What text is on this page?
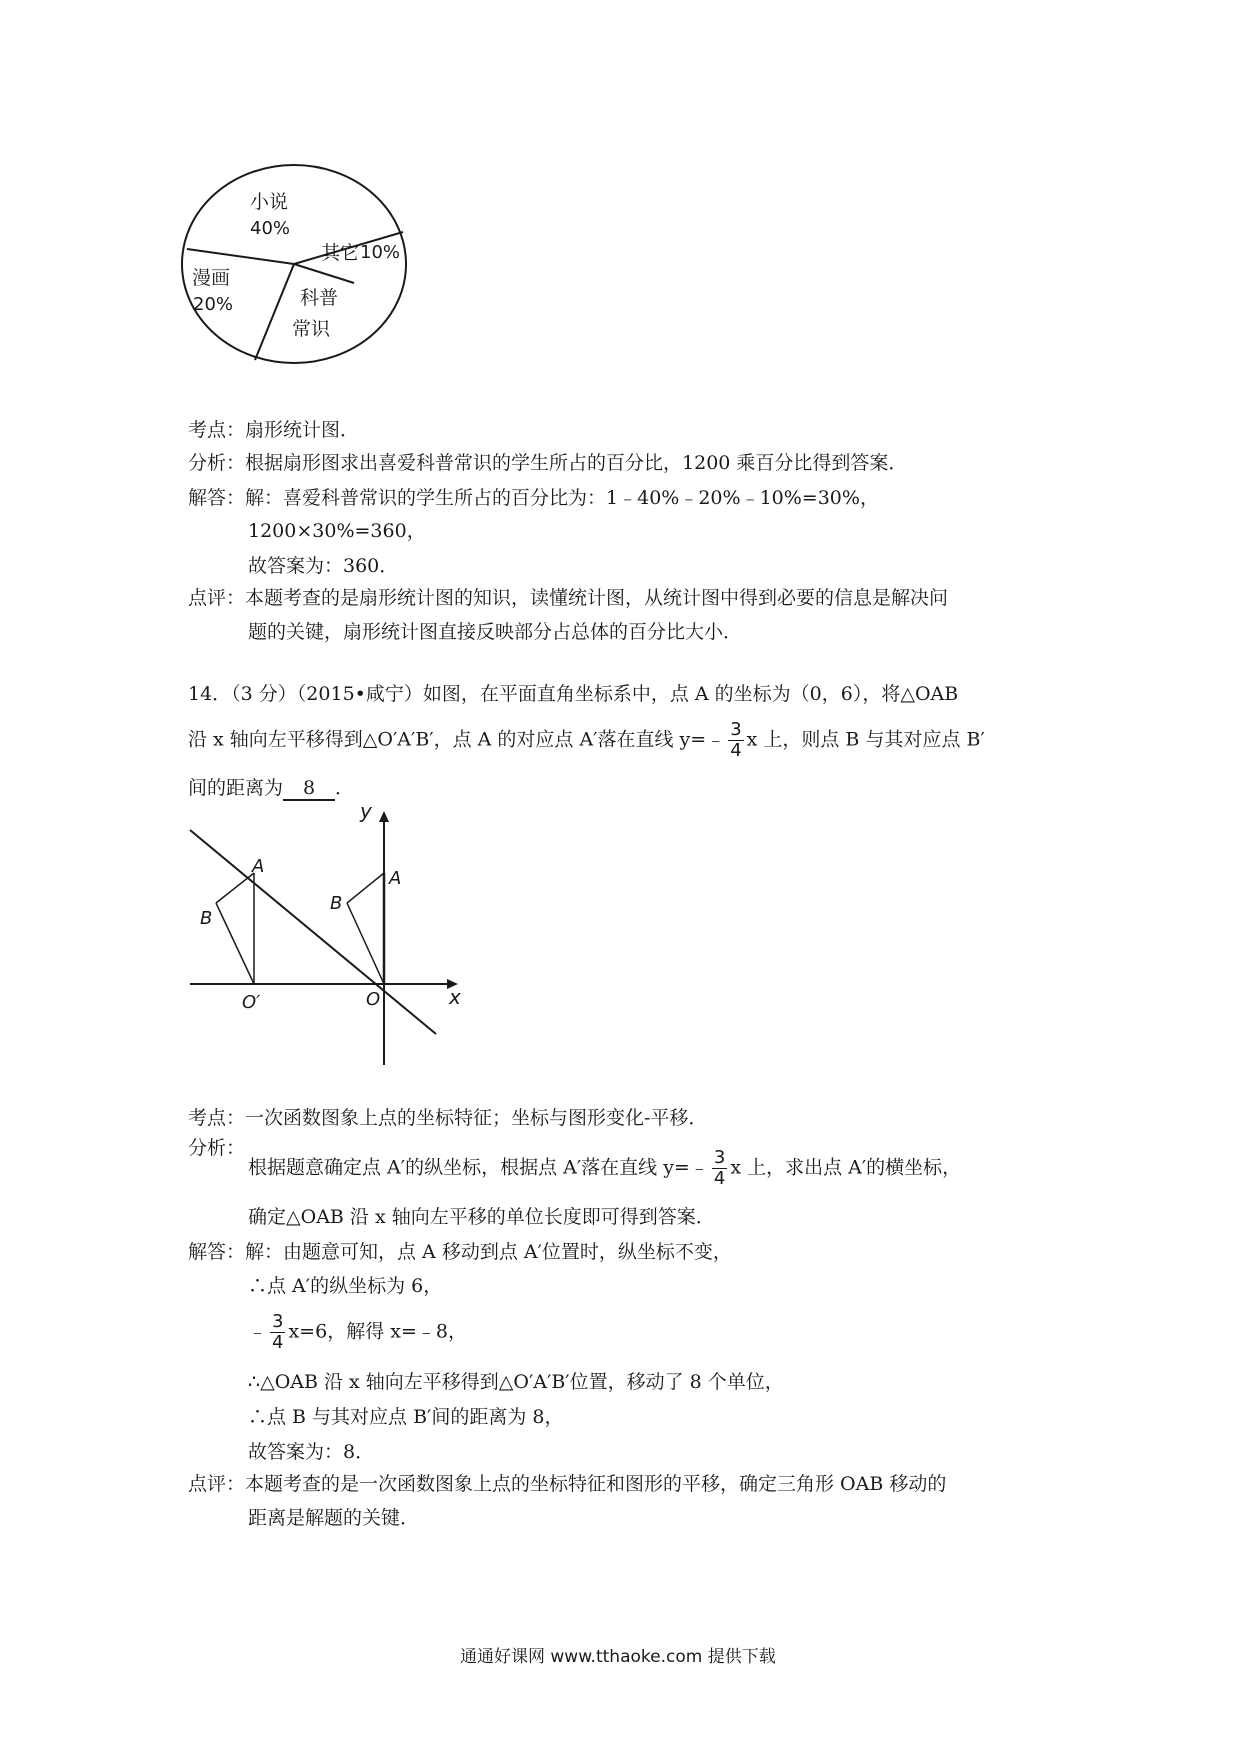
小说
40%
其它 10%
漫画
20%	科普
常识
考点：扇形统计图．
分析：根据扇形图求出喜爱科普常识的学生所占的百分比，1200 乘百分比得到答案．
解答：解：喜爱科普常识的学生所占的百分比为：1﹣40%﹣20%﹣10%=30%，
1200×30%=360，
故答案为：360．
点评：本题考查的是扇形统计图的知识，读懂统计图，从统计图中得到必要的信息是解决问
题的关键，扇形统计图直接反映部分占总体的百分比大小．
14．（3 分）（2015•咸宁）如图，在平面直角坐标系中，点 A 的坐标为（0，6），将△OAB
沿 x 轴向左平移得到△O′A′B′，点 A 的对应点 A′落在直线 y=﹣ $\frac{3}{4}$ x 上，则点 B 与其对应点 B′
间的距离为 8 ．
y
x
A
B
O′
A
B
O
考点：一次函数图象上点的坐标特征；坐标与图形变化-平移．
分析：
根据题意确定点 A′的纵坐标，根据点 A′落在直线 y=﹣ $\frac{3}{4}$ x 上，求出点 A′的横坐标，
确定△OAB 沿 x 轴向左平移的单位长度即可得到答案．
解答：解：由题意可知，点 A 移动到点 A′位置时，纵坐标不变，
∴点 A′的纵坐标为 6，
﹣ $\frac{3}{4} x=6$，解得 x=﹣8，
∴△OAB 沿 x 轴向左平移得到△O′A′B′位置，移动了 8 个单位，
∴点 B 与其对应点 B′间的距离为 8，
故答案为：8．
点评：本题考查的是一次函数图象上点的坐标特征和图形的平移，确定三角形 OAB 移动的
距离是解题的关键．
通通好课网 www.tthaoke.com 提供下载
